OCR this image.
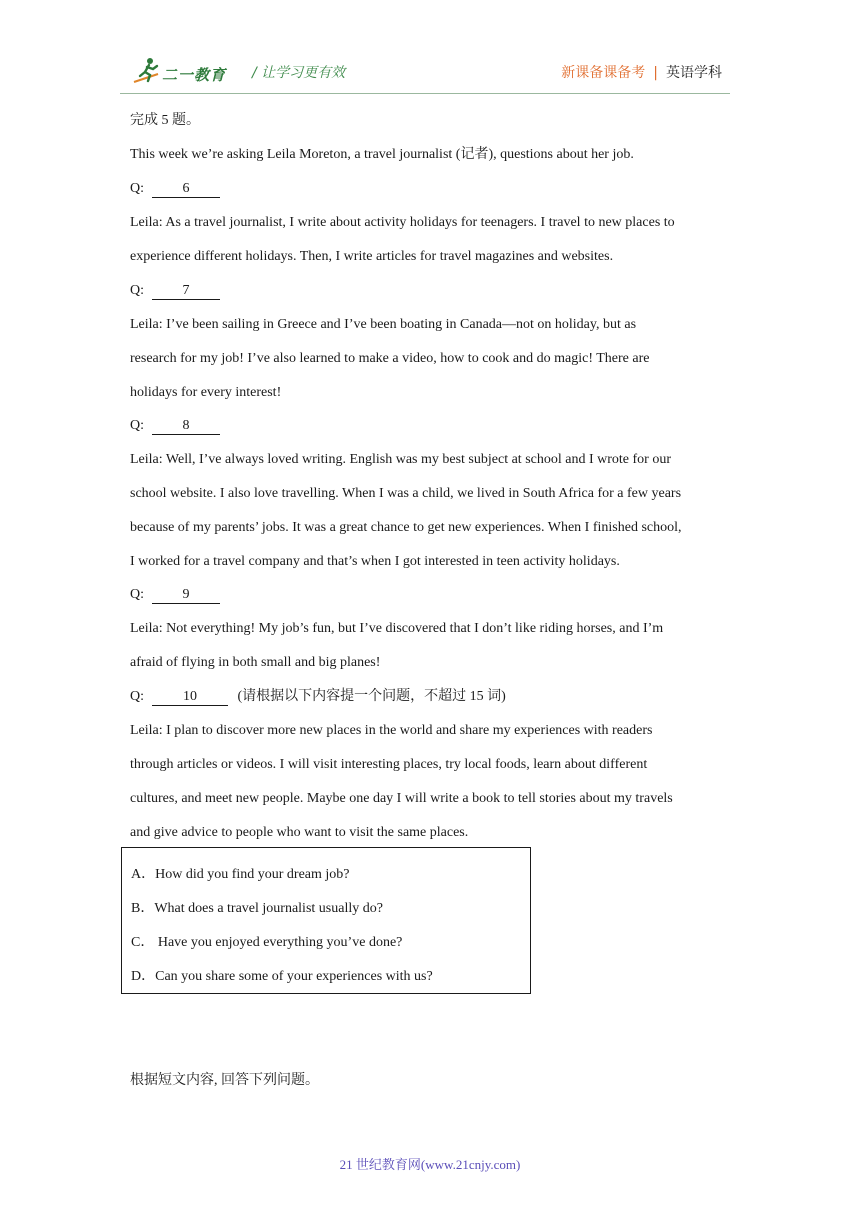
二一教育 / 让学习更有效	新课备课备考 | 英语学科
完成 5 题。
This week we’re asking Leila Moreton, a travel journalist (记者), questions about her job.
Q:	6
Leila: As a travel journalist, I write about activity holidays for teenagers. I travel to new places to
experience different holidays. Then, I write articles for travel magazines and websites.
Q:	7
Leila: I’ve been sailing in Greece and I’ve been boating in Canada—not on holiday, but as
research for my job! I’ve also learned to make a video, how to cook and do magic! There are
holidays for every interest!
Q:	8
Leila: Well, I’ve always loved writing. English was my best subject at school and I wrote for our
school website. I also love travelling. When I was a child, we lived in South Africa for a few years
because of my parents’ jobs. It was a great chance to get new experiences. When I finished school,
I worked for a travel company and that’s when I got interested in teen activity holidays.
Q:	9
Leila: Not everything! My job’s fun, but I’ve discovered that I don’t like riding horses, and I’m
afraid of flying in both small and big planes!
Q:	10	(请根据以下内容提一个问题，不超过 15 词)
Leila: I plan to discover more new places in the world and share my experiences with readers
through articles or videos. I will visit interesting places, try local foods, learn about different
cultures, and meet new people. Maybe one day I will write a book to tell stories about my travels
and give advice to people who want to visit the same places.
A．How did you find your dream job?
B．What does a travel journalist usually do?
C． Have you enjoyed everything you’ve done?
D．Can you share some of your experiences with us?
根据短文内容, 回答下列问题。
21 世纪教育网(www.21cnjy.com)
